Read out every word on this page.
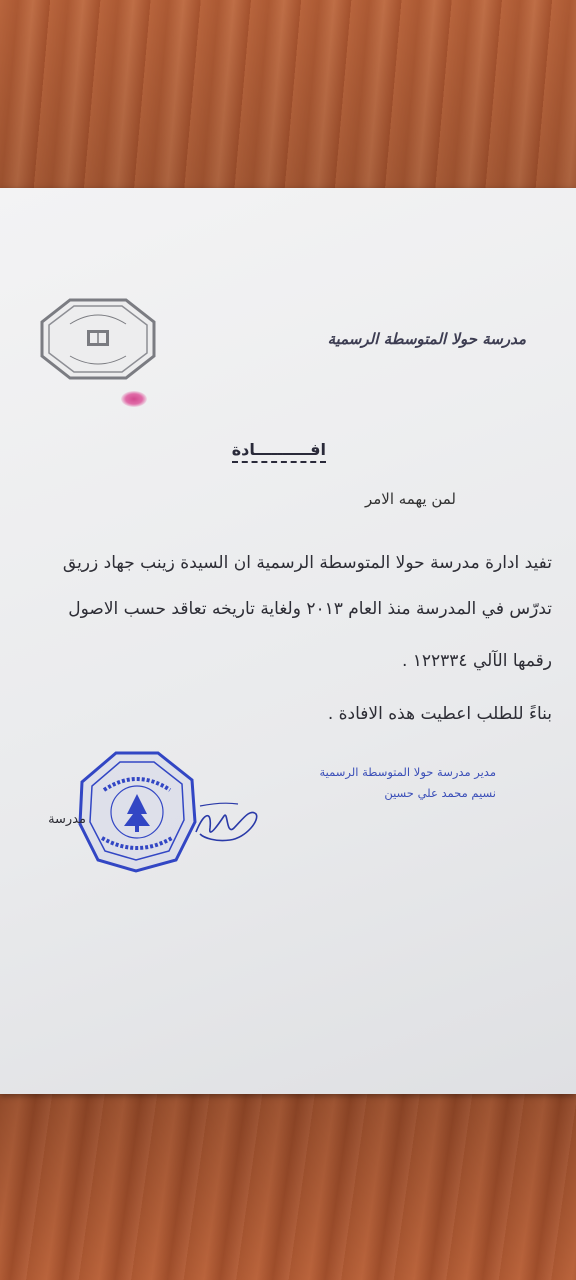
مدرسة حولا المتوسطة الرسمية
افــــــــــادة
لمن يهمه الامر
تفيد ادارة مدرسة حولا المتوسطة الرسمية ان السيدة زينب جهاد زريق
تدرّس في المدرسة منذ العام ٢٠١٣ ولغاية تاريخه تعاقد حسب الاصول
رقمها الآلي ١٢٢٣٣٤ .
بناءً للطلب اعطيت هذه الافادة .
مدير مدرسة حولا المتوسطة الرسمية
نسيم محمد علي حسين
مدرسة
